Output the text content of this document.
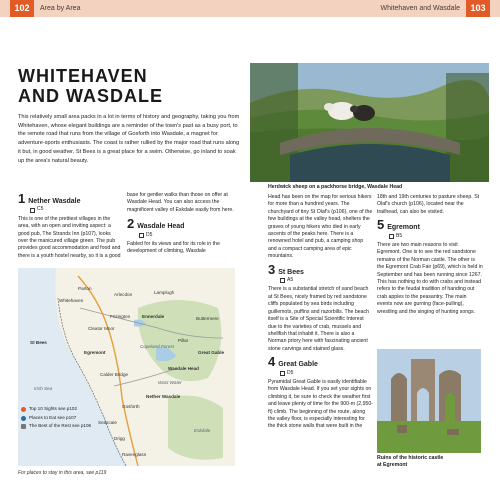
102	Area by Area	Whitehaven and Wasdale	103
WHITEHAVEN
AND WASDALE
This relatively small area packs in a lot in terms of history and geography, taking you from Whitehaven, whose elegant buildings are a reminder of the town's past as a busy port, to the remote road that runs from the village of Gosforth into Wasdale, a magnet for adventure-sports enthusiasts. The coast is rather rullied by the major road that runs along it but, in good weather, St Bees is a great place for a swim. Otherwise, go inland to soak up the area's natural beauty.
1 Nether Wasdale
C5

This is one of the prettiest villages in the area, with an open and inviting aspect: a good pub, The Strands Inn (p107), looks over the manicured village green. The pub provides good accommodation and food and there is a youth hostel nearby, so it is a good

base for gentler walks than those on offer at Wasdale Head. You can also access the magnificent valley of Eskdale easily from here.

2 Wasdale Head
D5

Fabled for its views and for its role in the development of climbing, Wasdale

Herdwick sheep on a packhorse bridge, Wasdale Head

Head has been on the map for serious hikers for more than a hundred years. The churchyard of tiny St Olaf's (p106), one of the few buildings at the valley head, shelters the graves of young hikers who died in early ascents of the peaks here. There is a renowned hotel and pub, a camping shop and a compact camping area of epic mountains.

3 St Bees
A5

There is a substantial stretch of sand beach at St Bees, nicely framed by red sandstone cliffs populated by sea birds including guillemots, puffins and razorbills. The beach itself is a Site of Special Scientific Interest due to the varieties of crab, mussels and shellfish that inhabit it. There is also a Norman priory here with fascinating ancient stone carvings and stained glass.

4 Great Gable
D5

Pyramidal Great Gable is easily identifiable from Wasdale Head. If you set your sights on climbing it, be sure to check the weather first and leave plenty of time for the 900-m (2,950-ft) climb. The beginning of the route, along the valley floor, is especially interesting for the thick stone walls that were built in the

18th and 19th centuries to pasture sheep. St Olaf's church (p106), located near the trailhead, can also be visited.

5 Egremont
B5

There are two main reasons to visit Egremont. One is to see the red sandstone remains of the Norman castle. The other is the Egremont Crab Fair (p69), which is held in September and has been running since 1267. This has nothing to do with crabs and instead refers to the feudal tradition of handing out crab apples to the peasantry. The main events now are gurning (face-pulling), wrestling and the singing of hunting songs.

Whitehaven
Parton
Arlecdon	Lamplugh
Frizington
Cleator Moor
Ennerdale	Buttermere
St Bees
Egremont
Copeland Forest
Pillar
Great Gable
Wasdale Head
Wast Water
Calder Bridge
Nether Wasdale
Gosforth
Irish Sea
Seascale
Drigg
Ravenglass
Eskdale
Top 10 Sights see p102
Places to Eat see p107
The Best of the Rest see p106
For places to stay in this area, see p119
Ruins of the historic castle
at Egremont
